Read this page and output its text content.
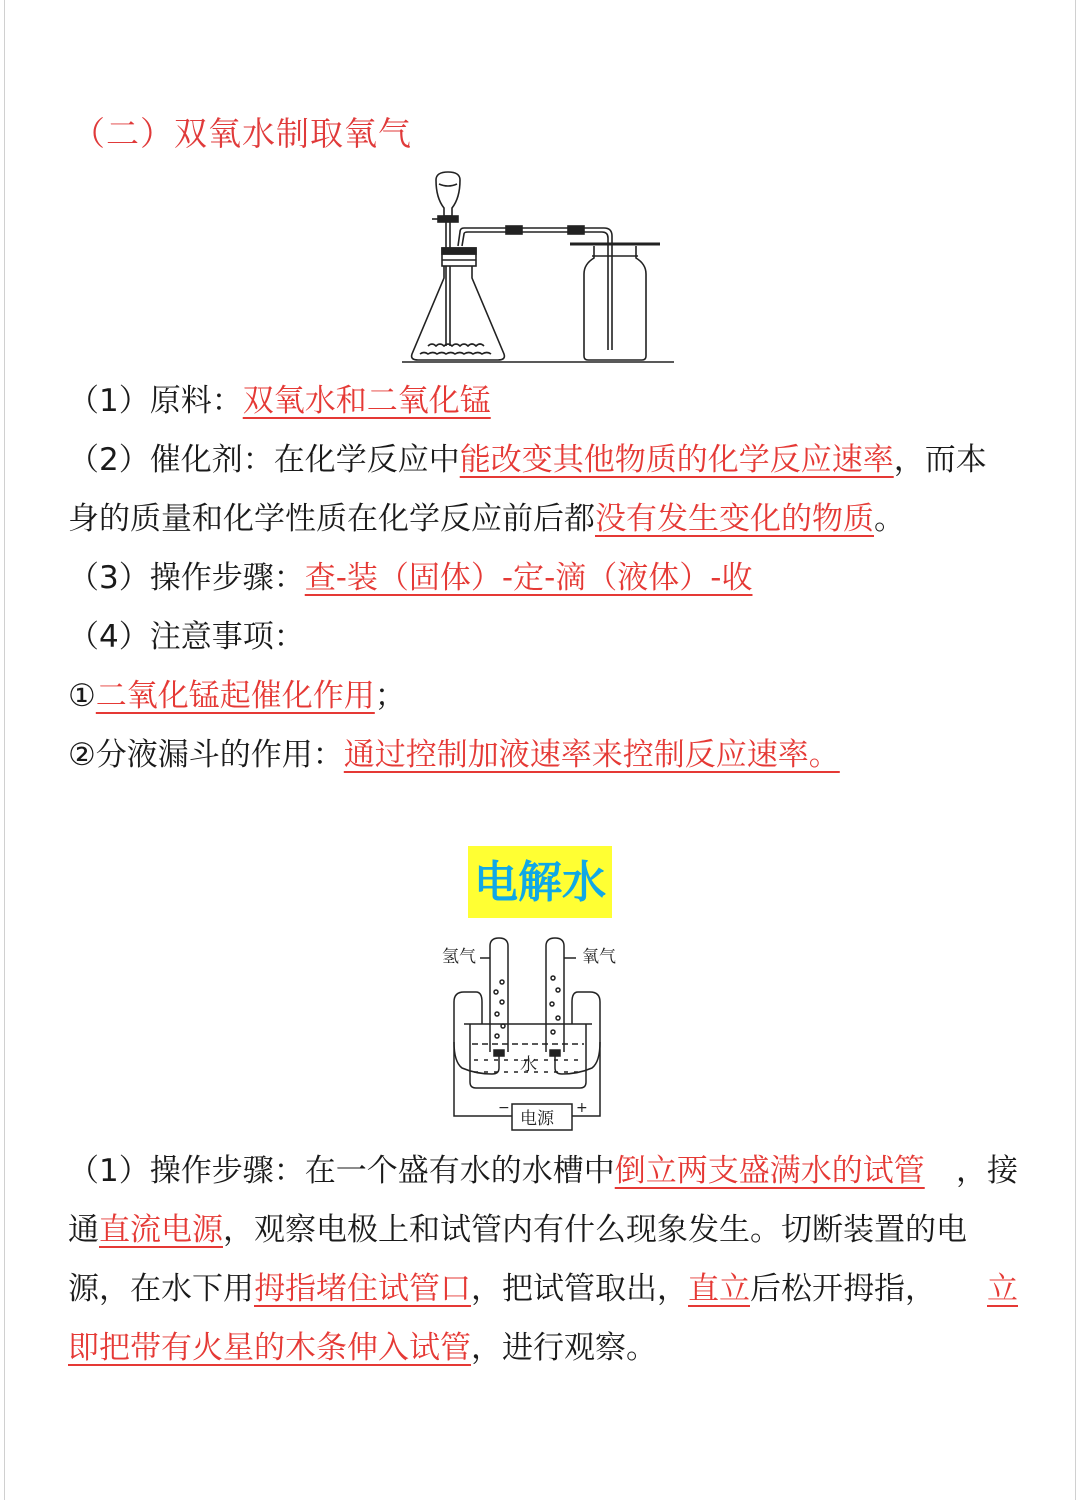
（二）双氧水制取氧气
（1）原料：双氧水和二氧化锰
（2）催化剂：在化学反应中能改变其他物质的化学反应速率，而本
身的质量和化学性质在化学反应前后都没有发生变化的物质。
（3）操作步骤：查-装（固体）-定-滴（液体）-收
（4）注意事项：
①二氧化锰起催化作用；
②分液漏斗的作用：通过控制加液速率来控制反应速率。
电解水
氢气	氧气
水
电源
−	+
（1）操作步骤：在一个盛有水的水槽中倒立两支盛满水的试管 ，接
通直流电源，观察电极上和试管内有什么现象发生。切断装置的电
源，在水下用拇指堵住试管口，把试管取出，直立后松开拇指， 立
即把带有火星的木条伸入试管，进行观察。
